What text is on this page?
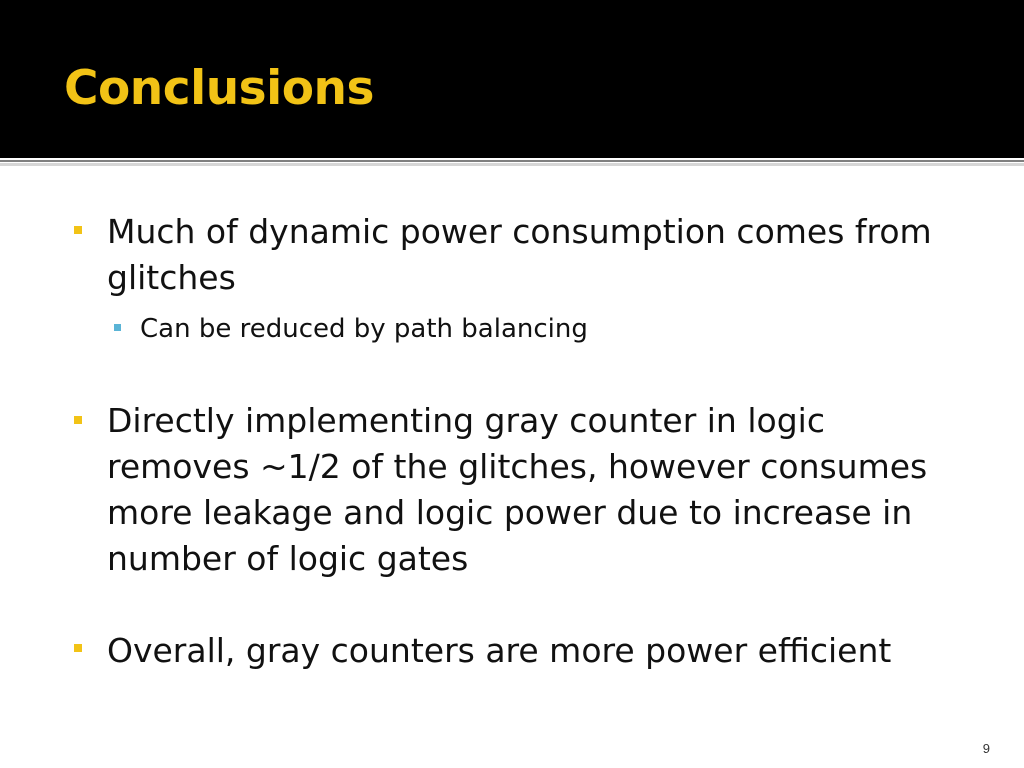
Conclusions
Much of dynamic power consumption comes from glitches
Can be reduced by path balancing
Directly implementing gray counter in logic removes ~1/2 of the glitches, however consumes more leakage and logic power due to increase in number of logic gates
Overall, gray counters are more power efficient
9
